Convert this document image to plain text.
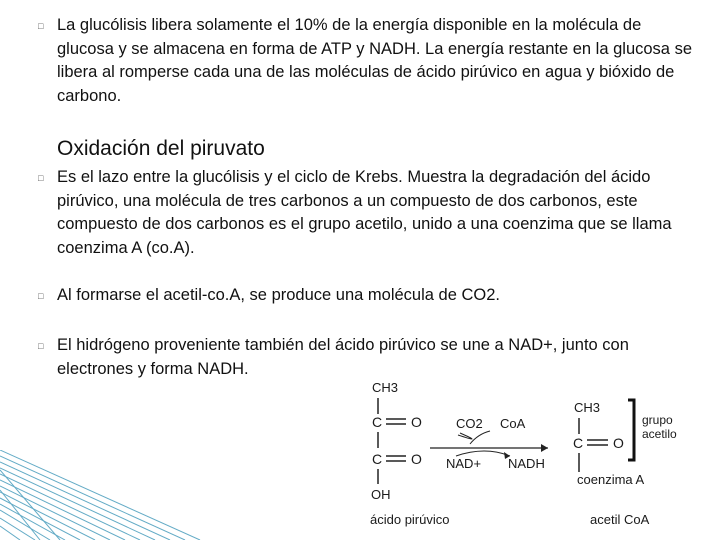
□ La glucólisis libera solamente el 10% de la energía disponible en la molécula de glucosa y se almacena en forma de ATP y NADH. La energía restante en la glucosa se libera al romperse cada una de las moléculas de ácido pirúvico en agua y bióxido de carbono.
Oxidación del piruvato
□ Es el lazo entre la glucólisis y el ciclo de Krebs. Muestra la degradación del ácido pirúvico, una molécula de tres carbonos a un compuesto de dos carbonos, este compuesto de dos carbonos es el grupo acetilo, unido a una coenzima que se llama coenzima A (co.A).
□ Al formarse el acetil-co.A, se produce una molécula de CO2.
□ El hidrógeno proveniente también del ácido pirúvico se une a NAD+, junto con electrones y forma NADH.
CH3
C O
C O
OH
ácido pirúvico
CO2 CoA
NAD+ NADH
CH3
C O
coenzima A
grupo
acetilo
acetil CoA
